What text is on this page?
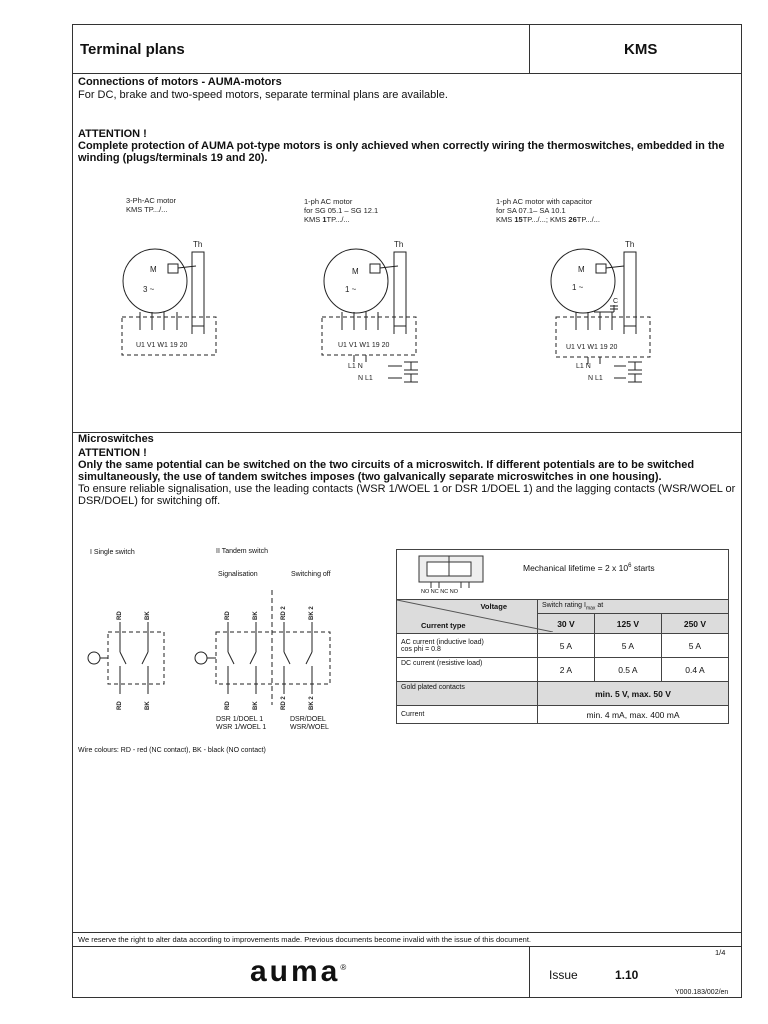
Terminal plans	KMS
Connections of motors - AUMA-motors
For DC, brake and two-speed motors, separate terminal plans are available.
ATTENTION !
Complete protection of AUMA pot-type motors is only achieved when correctly wiring the thermoswitches, embedded in the winding (plugs/terminals 19 and 20).
3-Ph-AC motor
KMS TP.../...
1-ph AC motor
for SG 05.1 – SG 12.1
KMS 1TP.../...
1-ph AC motor with capacitor
for SA 07.1– SA 10.1
KMS 15TP.../...; KMS 26TP.../...
M
3 ~
Th
U1 V1 W1 19 20
M
1 ~
Th
U1 V1 W1 19 20
L1 N
N L1
M
1 ~
Th
C
U1 V1 W1 19 20
L1 N
N L1
Microswitches
ATTENTION !
Only the same potential can be switched on the two circuits of a microswitch. If different potentials are to be switched simultaneously, the use of tandem switches imposes (two galvanically separate microswitches in one housing).
To ensure reliable signalisation, use the leading contacts (WSR 1/WOEL 1 or DSR 1/DOEL 1) and the lagging contacts (WSR/WOEL or DSR/DOEL) for switching off.
I Single switch	II Tandem switch
Signalisation	Switching off
DSR 1/DOEL 1
WSR 1/WOEL 1
DSR/DOEL
WSR/WOEL
Wire colours: RD - red (NC contact), BK - black (NO contact)
RD	BK
RD	BK
RD	BK	RD 2	BK 2
RD	BK	RD 2	BK 2
NO NC NC NO
Mechanical lifetime = 2 x $10^6$ starts			

Voltage
Current type	Switch rating $I_{max}$ at		
	30 V	125 V	250 V

AC current (inductive load)
cos phi = 0.8	5 A	5 A	5 A
DC current (resistive load)	2 A	0.5 A	0.4 A
Gold plated contacts	min. 5 V, max. 50 V		
Current	min. 4 mA, max. 400 mA		
We reserve the right to alter data according to improvements made. Previous documents become invalid with the issue of this document.
1/4
auma®
Issue	1.10
Y000.183/002/en
